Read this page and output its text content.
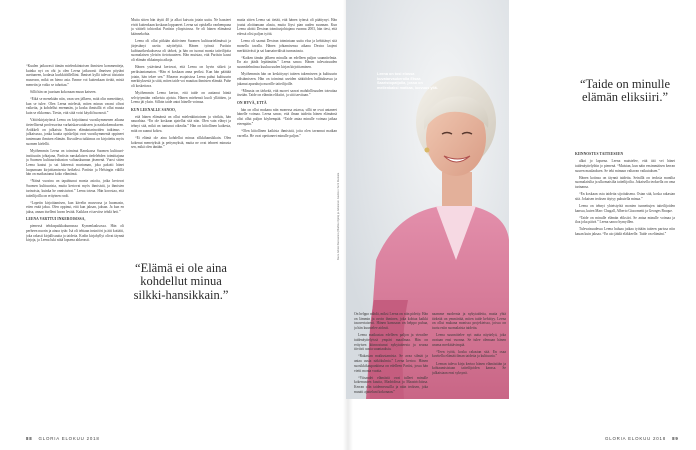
“Kuulen jatkuvasti tämän mielenkiintoisen ihmisten kommentteja, kuinka nyt on ohi ja olen Leena jatkuvasti ilmeisen pöytäni asettuneen, kodasta kurkkitöillelläni. Ihmiset kyllä tulevat tiistaisin museoon, mikä on hieno asia. Emme voi kuitenkaan tietää, mistä menetin ja voiko se tuhottaa.”

Sillä hän on juuriaan kokonaan muun katseen.

“Eikä se menekään niin, vaan sen jälkeen, mitä olin menettänyt, kun se tulee. Olen Leena mielestä, miten minun varani olivat vaikeita, ja kohdellut enemmän, ja koska ihmisillä ei ollut muuta kuin se rikkomus. Tiesin, että siitä voisi käydä huonosti.”

Väitöskirjatyönsä Leena on kirjoittanut vuosikymmenen aikana tieteellisenä professorina varhaiskasvatukseen ja naiskokemukseen. Artikkeli on julkaistu Naisten elämäntarinoiden tutkimus -julkaisussa, jonka kautta opiskelijat ovat vuosikymmeniä oppineet tuntemaan ihmisen elämän. Kuvaileva tutkimus on kirjoitettu myös suomen kielellä.

Myöhemmin Leena on toiminut Ranskassa Suomen kulttuuri-instituutin johtajana, Pariisin ranskalaisen tiedelehden toimittajana ja Suomen kulttuurirahaston valtuuskunnan jäsenenä. Vuosi sitten Leena kaatui ja sai käteensä murtuman, joka pakotti hänet luopumaan kirjoittamisesta hetkeksi. Pariisin ja Helsingin välillä hän on matkustanut koko elämänsä.

“Näinä vuosina on tapahtunut monia asioita, jotka kertovat Suomen kulttuurista, mutta kertovat myös ihmisistä, ja ihmisten tarinoista, kuinka he onnistuivat.” Leena toteaa. Hän korostaa, että taiteilijoilla on erityinen rooli.

“Lopetin kirjoittamisen, kun kävelin museossa ja huomasin, etten enää jaksa. Olen oppinut, että kun jaksan, jaksan. Ja kun en jaksa, annan itselleni luvan levätä. Kaikkea ei tarvitse tehdä heti.”

LEENA VARTTUI INKEROISISSA,

pienessä tehdaspaikkakunnassa Kymenlaaksossa. Hän oli perheen nuorin ja ainoa tytär. Isä oli tehtaan insinööri ja äiti kotiäiti, joka rakasti kirjallisuutta ja taidetta. Kodin kirjahyllyt olivat täynnä kirjoja, ja Leena luki niitä lapsena ahkerasti.

Mutta sitten hän täytti 40 ja alkoi kaivata jotain uutta. Ne haasteet eivät kuitenkaan koskaan loppuneet. Leena sai opiskella vanhempana ja väitteli tohtoriksi Pariisin yliopistossa. Se oli hänen elämänsä käännekohta.

Leena oli ollut pitkään aktiivinen Suomen kulttuurielämässä ja järjestänyt useita näyttelyitä. Hänen työnsä Pariisin kulttuurikeskuksessa oli tärkeä, ja hän on tuonut monia taiteilijoita suomalaisen yleisön tietoisuuteen. Hän muistaa, että Pariisin kausi oli elämän rikkaimpia aikoja.

Hänen ystävänsä kertovat, että Leena on hyvin sitkeä ja periksiantamaton. “Hän ei koskaan anna periksi. Kun hän päättää jotain, hän tekee sen.” Museon avajaisissa Leena puhui kulttuurin merkityksestä ja siitä, miten taide voi muuttaa ihmisten elämää. Puhe oli koskettava.

Myöhemmin Leena kertoo, että taide on auttanut häntä selviytymään vaikeista ajoista. Hänen miehensä kuoli yllättäen, ja Leena jäi yksin. Silloin taide antoi hänelle voimaa.

KUN LEENALLE SANOO,

että hänen elämänsä on ollut mielenkiintoinen ja värikäs, hän naurahtaa. “En ole koskaan ajatellut sitä niin. Olen vain elänyt ja tehnyt sitä, mikä on tuntunut oikealta.” Hän on kiitollinen kaikesta, mitä on saanut kokea.

“Ei elämä ole aina kohdellut minua silkkihansikkain. Olen kokenut menetyksiä ja pettymyksiä, mutta ne ovat tehneet minusta sen, mikä olen tänään.”

mutta sitten Leena sai tietää, että hänen työnsä oli päättynyt. Hän joutui aloittamaan alusta, mutta löysi pian uuden suunnan. Kun Leena aloitti Dextran toimitusjohtajana vuonna 2003, hän tiesi, että edessä olisi paljon työtä.

Leena oli saanut Dextran toimintaan uutta eloa ja kehittänyt sitä monella tavalla. Hänen johtamisensa aikana Dextra laajeni merkittävästi ja sai kansainvälistä tunnustusta.

“Kaiken tämän jälkeen minulla on edelleen paljon suunnitelmia. En aio jäädä lepäämään.” Leena sanoo. Hänen tulevaisuuden suunnitelmiinsa kuuluu uuden kirjan kirjoittaminen.

Myöhemmin hän on keskittynyt taiteen tukemiseen ja kulttuurin edistämiseen. Hän on toiminut useiden säätiöiden hallituksessa ja jakanut apurahoja nuorille taiteilijoille.

“Minusta on tärkeää, että nuoret saavat mahdollisuuden toteuttaa itseään. Taide on elämän eliksiiri, ja sitä tarvitaan.”

ON HYVÄ, ETTÄ

hän on ollut mukana niin monessa asiassa, sillä ne ovat antaneet hänelle voimaa. Leena sanoo, että ilman taidetta hänen elämänsä olisi ollut paljon köyhempää. “Taide antaa minulle voimaa jatkaa eteenpäin.”

“Olen kiitollinen kaikista ihmisistä, joita olen tavannut matkan varrella. He ovat opettaneet minulle paljon.”

“Elämä ei ole aina kohdellut minua silkki-hansikkain.”

Leena on tosi elossa kuvatarvaukerolla Etsaa Saaristopatjolla, jossa on meilenkaksi matkaa, luovuus yllä.
Kuva Juhani Kustaanna (Markku Ojala) ja Juhannen Juuristo / Antti Ruokala

On helppo nähdä, miksi Leena on niin pidetty. Hän on lämmin ja avoin ihminen, joka kohtaa kaikki tasavertaisesti. Hänen kanssaan on helppo puhua, ja hän kuuntelee aidosti.

Leena matkustaa edelleen paljon ja vierailee taidenäyttelyissä ympäri maailmaa. Hän on erityisen kiinnostunut nykytaiteesta ja seuraa tiiviisti uusia suuntauksia.

“Rakastan matkustamista. Se avaa silmät ja antaa uusia näkökulmia.” Leena kertoo. Hänen suosikkikaupunkinsa on edelleen Pariisi, jossa hän vietti monta vuotta.

“Viisaudet elämästä ovat tulleet minulle kokemusten kautta, Madridissa ja Maastrichtissa. Kerran olin taidemessuilla ja näin teoksen, joka muutti ajatteluni kokonaan.”

naamme modernia ja nykytaidetta, mutta yhtä tärkeää on ymmärtää, miten taide kehittyy. Leena on ollut mukana monissa projekteissa, joissa on tuotu esiin suomalaista taidetta.

Leena suunnittelee nyt uutta näyttelyä, joka avataan ensi vuonna. Se tulee olemaan hänen uransa merkittävimpiä.

“Teen työtä, koska rakastan sitä. En osaa kuvitella elämää ilman taidetta ja kulttuuria.”

Leenan tuleva kirja kertoo hänen elämästään ja kohtaamisistaan taiteilijoiden kanssa. Se julkaistaan ensi syksynä.

“Taide on minulle elämän eliksiiri.”

KIINNOSTUS TAITEESEEN

alkoi jo lapsena. Leena muistelee, että äiti vei hänet taidenäyttelyihin jo pienenä. “Muistan, kun näin ensimmäisen kerran suuren maalauksen. Se teki minuun valtavan vaikutuksen.”

Hänen kotinsa on täynnä taidetta. Seinillä on teoksia monilta suomalaisilta ja ulkomaisilta taiteilijoilta. Jokaisella teoksella on oma tarinansa.

“En koskaan osta taidetta sijoituksena. Ostan sitä, koska rakastan sitä. Jokaisen teoksen täytyy puhutella minua.”

Leena on tehnyt yhteistyötä monien tunnettujen taiteilijoiden kanssa, kuten Marc Chagall, Alberto Giacometti ja Georges Braque.

“Taide on minulle elämän eliksiiri. Se antaa minulle voimaa ja iloa joka päivä.” Leena sanoo hymyillen.

Tulevaisuudessa Leena haluaa jatkaa työtään taiteen parissa niin kauan kuin jaksaa. “En aio jäädä eläkkeelle. Taide on elämäni.”

88 GLORIA ELOKUU 2018	GLORIA ELOKUU 2018 89
